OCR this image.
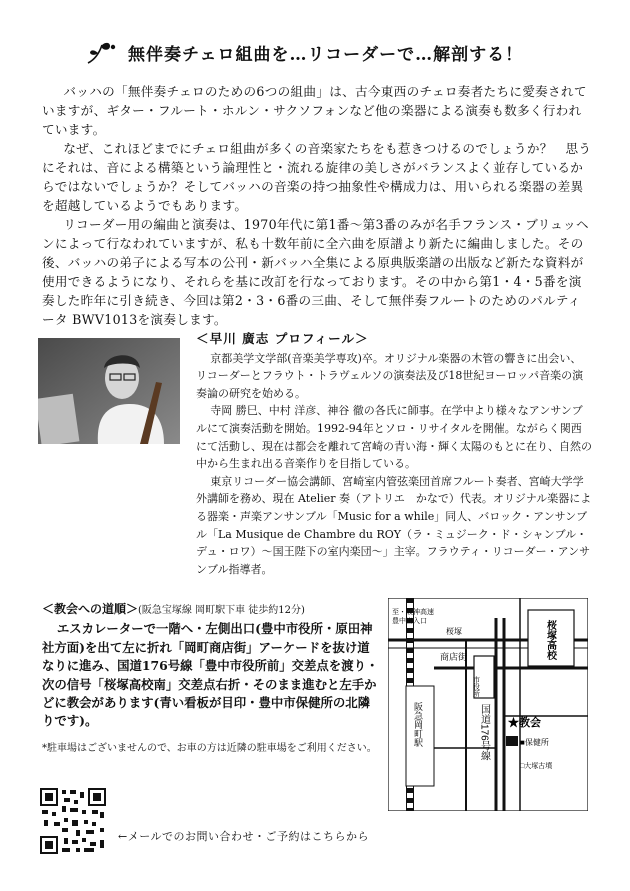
無伴奏チェロ組曲を…リコーダーで…解剖する！

バッハの「無伴奏チェロのための6つの組曲」は、古今東西のチェロ奏者たちに愛奏されていますが、ギター・フルート・ホルン・サクソフォンなど他の楽器による演奏も数多く行われています。

なぜ、これほどまでにチェロ組曲が多くの音楽家たちをも惹きつけるのでしょうか？　思うにそれは、音による構築という論理性と・流れる旋律の美しさがバランスよく並存しているからではないでしょうか？そしてバッハの音楽の持つ抽象性や構成力は、用いられる楽器の差異を超越しているようでもあります。

リコーダー用の編曲と演奏は、1970年代に第1番〜第3番のみが名手フランス・ブリュッヘンによって行なわれていますが、私も十数年前に全六曲を原譜より新たに編曲しました。その後、バッハの弟子による写本の公刊・新バッハ全集による原典版楽譜の出版など新たな資料が使用できるようになり、それらを基に改訂を行なっております。その中から第1・4・5番を演奏した昨年に引き続き、今回は第2・3・6番の三曲、そして無伴奏フルートのためのパルティータ BWV1013を演奏します。

＜早川 廣志 プロフィール＞

京都美学文学部(音楽美学専攻)卒。オリジナル楽器の木管の響きに出会い、リコーダーとフラウト・トラヴェルソの演奏法及び18世紀ヨーロッパ音楽の演奏論の研究を始める。

寺岡 勝巳、中村 洋彦、神谷 徹の各氏に師事。在学中より様々なアンサンブルにて演奏活動を開始。1992-94年とソロ・リサイタルを開催。ながらく関西にて活動し、現在は都会を離れて宮崎の青い海・輝く太陽のもとに在り、自然の中から生まれ出る音楽作りを目指している。

東京リコーダー協会講師、宮崎室内管弦楽団首席フルート奏者、宮崎大学学外講師を務め、現在 Atelier 奏（アトリエ　かなで）代表。オリジナル楽器による器楽・声楽アンサンブル「Music for a while」同人、バロック・アンサンブル「La Musique de Chambre du ROY（ラ・ミュジーク・ド・シャンブル・デュ・ロワ）〜国王陛下の室内楽団〜」主宰。フラウティ・リコーダー・アンサンブル指導者。

＜教会への道順＞(阪急宝塚線 岡町駅下車 徒歩約12分)

エスカレーターで一階へ・左側出口(豊中市役所・原田神社方面)を出て左に折れ「岡町商店街」アーケードを抜け道なりに進み、国道176号線「豊中市役所前」交差点を渡り・次の信号「桜塚高校南」交差点右折・そのまま進むと左手かどに教会があります(青い看板が目印・豊中市保健所の北隣りです)。

*駐車場はございませんので、お車の方は近隣の駐車場をご利用ください。

至・阪神高速 豊中出入口
桜塚
市役所
桜塚高校
商店街
国道176号線
阪急岡町駅	★教会
■保健所
□大塚古墳
←メールでのお問い合わせ・ご予約はこちらから
